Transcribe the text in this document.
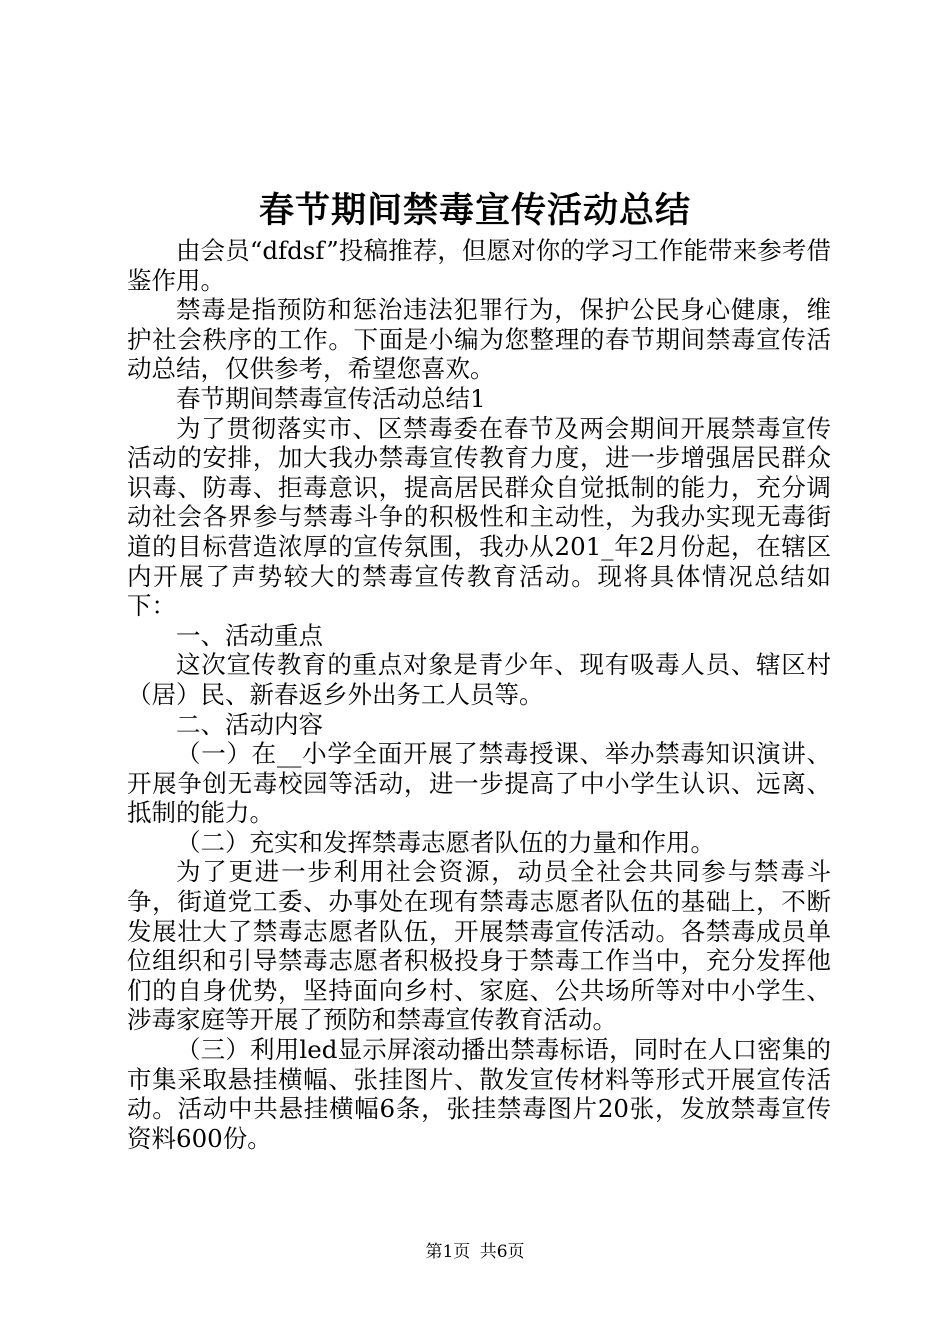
春节期间禁毒宣传活动总结

由会员“dfdsf”投稿推荐，但愿对你的学习工作能带来参考借鉴作用。

禁毒是指预防和惩治违法犯罪行为，保护公民身心健康，维护社会秩序的工作。下面是小编为您整理的春节期间禁毒宣传活动总结，仅供参考，希望您喜欢。

春节期间禁毒宣传活动总结1

为了贯彻落实市、区禁毒委在春节及两会期间开展禁毒宣传活动的安排，加大我办禁毒宣传教育力度，进一步增强居民群众识毒、防毒、拒毒意识，提高居民群众自觉抵制的能力，充分调动社会各界参与禁毒斗争的积极性和主动性，为我办实现无毒街道的目标营造浓厚的宣传氛围，我办从201_年2月份起，在辖区内开展了声势较大的禁毒宣传教育活动。现将具体情况总结如下：

一、活动重点

这次宣传教育的重点对象是青少年、现有吸毒人员、辖区村（居）民、新春返乡外出务工人员等。

二、活动内容

（一）在__小学全面开展了禁毒授课、举办禁毒知识演讲、开展争创无毒校园等活动，进一步提高了中小学生认识、远离、抵制的能力。

（二）充实和发挥禁毒志愿者队伍的力量和作用。

为了更进一步利用社会资源，动员全社会共同参与禁毒斗争，街道党工委、办事处在现有禁毒志愿者队伍的基础上，不断发展壮大了禁毒志愿者队伍，开展禁毒宣传活动。各禁毒成员单位组织和引导禁毒志愿者积极投身于禁毒工作当中，充分发挥他们的自身优势，坚持面向乡村、家庭、公共场所等对中小学生、涉毒家庭等开展了预防和禁毒宣传教育活动。

（三）利用led显示屏滚动播出禁毒标语，同时在人口密集的市集采取悬挂横幅、张挂图片、散发宣传材料等形式开展宣传活动。活动中共悬挂横幅6条，张挂禁毒图片20张，发放禁毒宣传资料600份。

第1页 共6页
